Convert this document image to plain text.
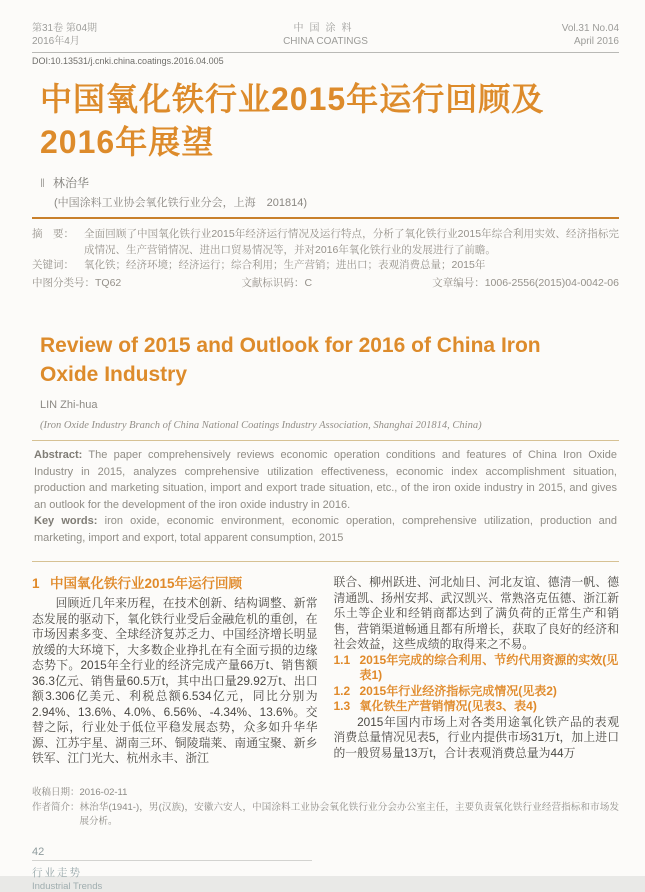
第31卷 第04期
2016年4月
中国涂料
CHINA COATINGS
Vol.31 No.04
April 2016
DOI:10.13531/j.cnki.china.coatings.2016.04.005
中国氧化铁行业2015年运行回顾及
2016年展望
‖ 林治华
(中国涂料工业协会氧化铁行业分会，上海　201814)
摘　要： 全面回顾了中国氧化铁行业2015年经济运行情况及运行特点，分析了氧化铁行业2015年综合利用实效、经济指标完成情况、生产营销情况、进出口贸易情况等，并对2016年氧化铁行业的发展进行了前瞻。
关键词： 氧化铁；经济环境；经济运行；综合利用；生产营销；进出口；表观消费总量；2015年
中图分类号：TQ62	文献标识码：C	文章编号：1006-2556(2015)04-0042-06
Review of 2015 and Outlook for 2016 of China Iron Oxide Industry
LIN Zhi-hua
(Iron Oxide Industry Branch of China National Coatings Industry Association, Shanghai 201814, China)

Abstract: The paper comprehensively reviews economic operation conditions and features of China Iron Oxide Industry in 2015, analyzes comprehensive utilization effectiveness, economic index accomplishment situation, production and marketing situation, import and export trade situation, etc., of the iron oxide industry in 2015, and gives an outlook for the development of the iron oxide industry in 2016.

Key words: iron oxide, economic environment, economic operation, comprehensive utilization, production and marketing, import and export, total apparent consumption, 2015

1 中国氧化铁行业2015年运行回顾

回顾近几年来历程，在技术创新、结构调整、新常态发展的驱动下，氧化铁行业受后金融危机的重创，在市场因素多变、全球经济复苏乏力、中国经济增长明显放缓的大环境下，大多数企业挣扎在有全面亏损的边缘态势下。2015年全行业的经济完成产量66万t、销售额36.3亿元、销售量60.5万t，其中出口量29.92万t、出口额3.306亿美元、利税总额6.534亿元，同比分别为2.94%、13.6%、4.0%、6.56%、-4.34%、13.6%。交替之际，行业处于低位平稳发展态势，众多如升华华源、江苏宇星、湖南三环、铜陵瑞莱、南通宝聚、新乡铁军、江门光大、杭州永丰、浙江

联合、柳州跃进、河北灿日、河北友谊、德清一帆、德清通凯、扬州安邦、武汉凯兴、常熟洛克伍德、浙江新乐土等企业和经销商都达到了满负荷的正常生产和销售，营销渠道畅通且都有所增长，获取了良好的经济和社会效益，这些成绩的取得来之不易。

1.1 2015年完成的综合利用、节约代用资源的实效(见表1)
1.2 2015年行业经济指标完成情况(见表2)
1.3 氧化铁生产营销情况(见表3、表4)

2015年国内市场上对各类用途氧化铁产品的表观消费总量情况见表5，行业内提供市场31万t，加上进口的一般贸易量13万t，合计表观消费总量为44万

收稿日期： 2016-02-11
作者简介： 林治华(1941-)，男(汉族)，安徽六安人，中国涂料工业协会氧化铁行业分会办公室主任，主要负责氧化铁行业经营指标和市场发展分析。
42
行业走势
Industrial Trends
